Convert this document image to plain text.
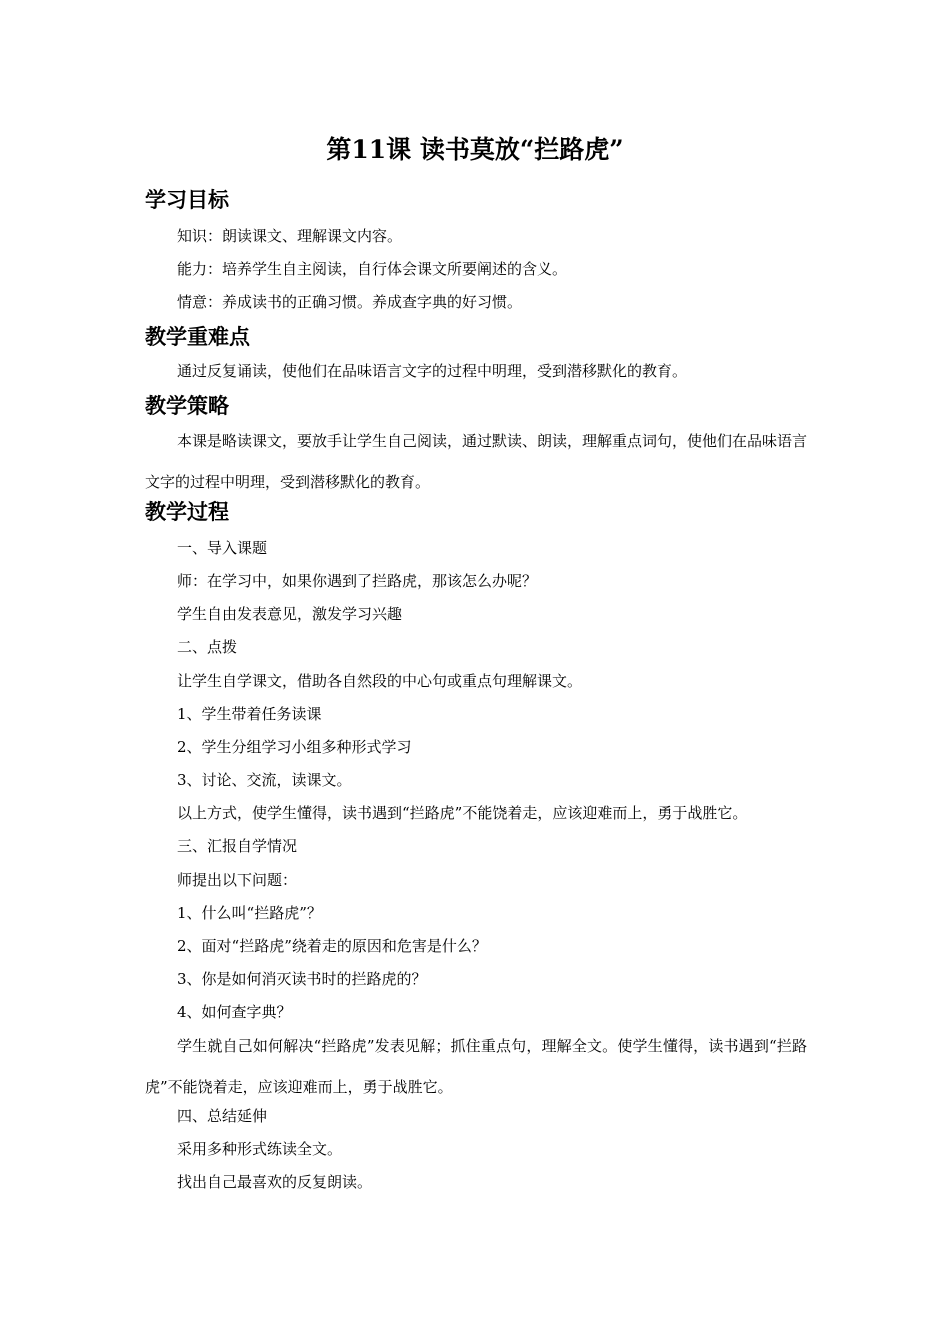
第11课 读书莫放“拦路虎”
学习目标
知识：朗读课文、理解课文内容。
能力：培养学生自主阅读，自行体会课文所要阐述的含义。
情意：养成读书的正确习惯。养成查字典的好习惯。
教学重难点
通过反复诵读，使他们在品味语言文字的过程中明理，受到潜移默化的教育。
教学策略
本课是略读课文，要放手让学生自己阅读，通过默读、朗读，理解重点词句，使他们在品味语言文字的过程中明理，受到潜移默化的教育。
教学过程
一、导入课题
师：在学习中，如果你遇到了拦路虎，那该怎么办呢？
学生自由发表意见，激发学习兴趣
二、点拨
让学生自学课文，借助各自然段的中心句或重点句理解课文。
1、学生带着任务读课
2、学生分组学习小组多种形式学习
3、讨论、交流，读课文。
以上方式，使学生懂得，读书遇到“拦路虎”不能饶着走，应该迎难而上，勇于战胜它。
三、汇报自学情况
师提出以下问题：
1、什么叫“拦路虎”？
2、面对“拦路虎”绕着走的原因和危害是什么？
3、你是如何消灭读书时的拦路虎的？
4、如何查字典？
学生就自己如何解决“拦路虎”发表见解；抓住重点句，理解全文。使学生懂得，读书遇到“拦路虎”不能饶着走，应该迎难而上，勇于战胜它。
四、总结延伸
采用多种形式练读全文。
找出自己最喜欢的反复朗读。
